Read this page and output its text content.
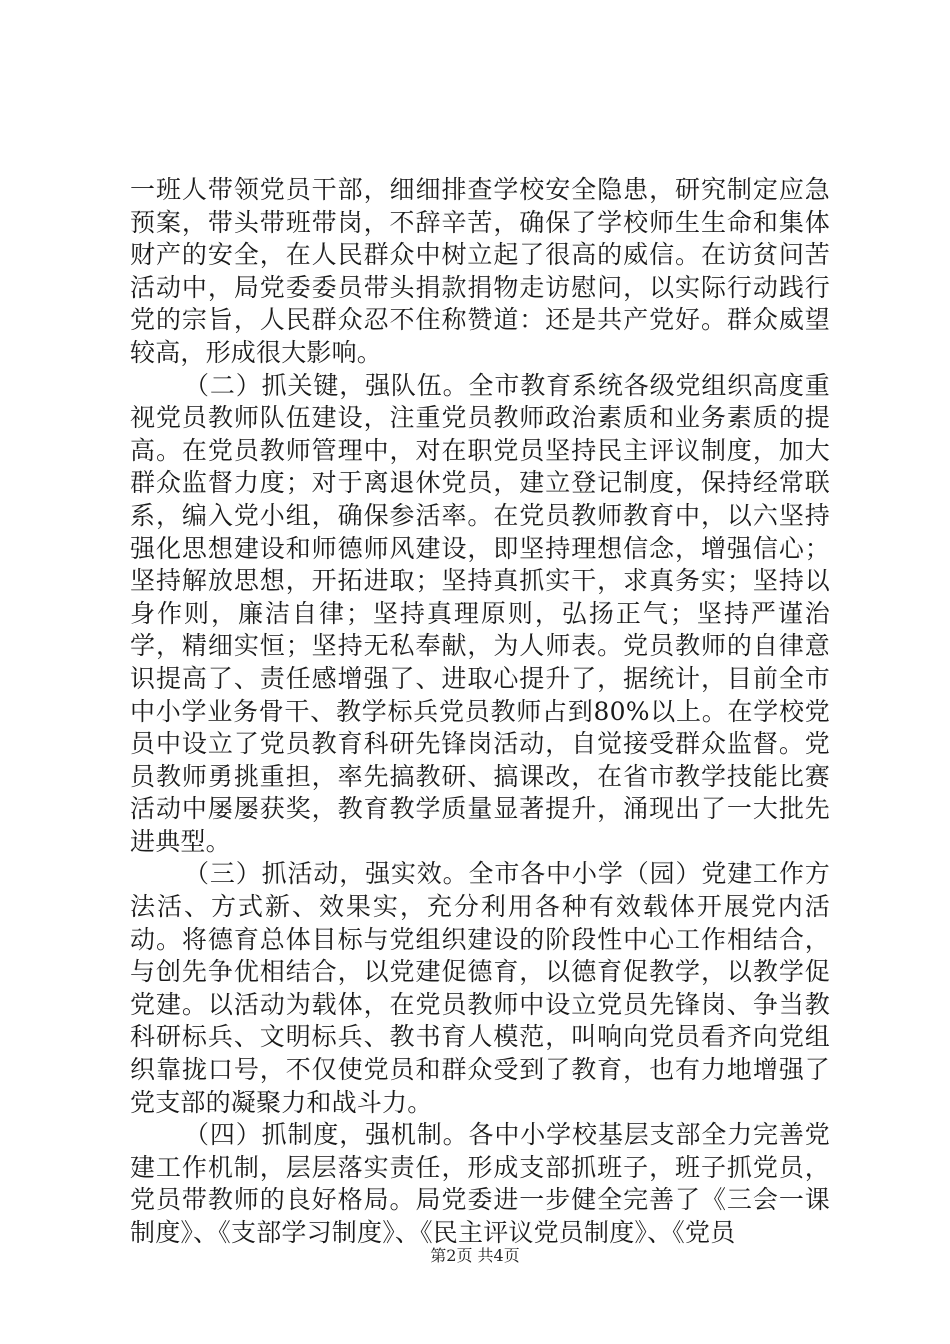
一班人带领党员干部，细细排查学校安全隐患，研究制定应急预案，带头带班带岗，不辞辛苦，确保了学校师生生命和集体财产的安全，在人民群众中树立起了很高的威信。在访贫问苦活动中，局党委委员带头捐款捐物走访慰问，以实际行动践行党的宗旨，人民群众忍不住称赞道：还是共产党好。群众威望较高，形成很大影响。

（二）抓关键，强队伍。全市教育系统各级党组织高度重视党员教师队伍建设，注重党员教师政治素质和业务素质的提高。在党员教师管理中，对在职党员坚持民主评议制度，加大群众监督力度；对于离退休党员，建立登记制度，保持经常联系，编入党小组，确保参活率。在党员教师教育中，以六坚持强化思想建设和师德师风建设，即坚持理想信念，增强信心；坚持解放思想，开拓进取；坚持真抓实干，求真务实；坚持以身作则，廉洁自律；坚持真理原则，弘扬正气；坚持严谨治学，精细实恒；坚持无私奉献，为人师表。党员教师的自律意识提高了、责任感增强了、进取心提升了，据统计，目前全市中小学业务骨干、教学标兵党员教师占到80%以上。在学校党员中设立了党员教育科研先锋岗活动，自觉接受群众监督。党员教师勇挑重担，率先搞教研、搞课改，在省市教学技能比赛活动中屡屡获奖，教育教学质量显著提升，涌现出了一大批先进典型。

（三）抓活动，强实效。全市各中小学（园）党建工作方法活、方式新、效果实，充分利用各种有效载体开展党内活动。将德育总体目标与党组织建设的阶段性中心工作相结合，与创先争优相结合，以党建促德育，以德育促教学，以教学促党建。以活动为载体，在党员教师中设立党员先锋岗、争当教科研标兵、文明标兵、教书育人模范，叫响向党员看齐向党组织靠拢口号，不仅使党员和群众受到了教育，也有力地增强了党支部的凝聚力和战斗力。

（四）抓制度，强机制。各中小学校基层支部全力完善党建工作机制，层层落实责任，形成支部抓班子，班子抓党员，党员带教师的良好格局。局党委进一步健全完善了《三会一课制度》、《支部学习制度》、《民主评议党员制度》、《党员

第2页 共4页
